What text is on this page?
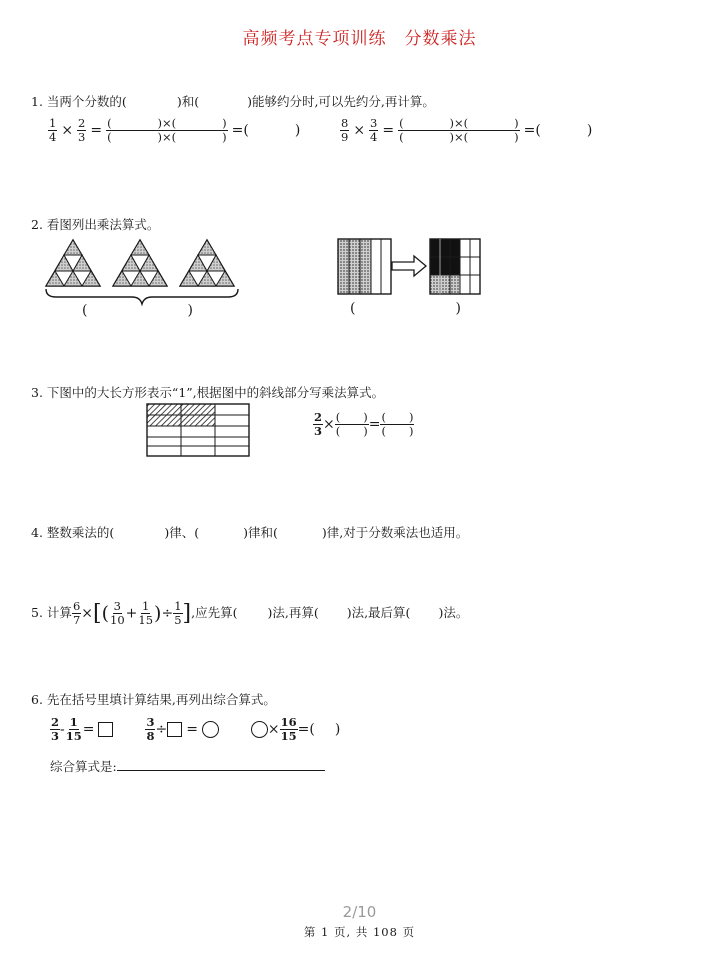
高频考点专项训练　分数乘法
1. 当两个分数的(	)和(	)能够约分时,可以先约分,再计算。
$\frac{1}{4} \times \frac{2}{3} = \frac{( )\times( )}{( )\times( )}$ =(	)	$\frac{8}{9} \times \frac{3}{4} = \frac{( )\times( )}{( )\times( )}$ =(	)
2. 看图列出乘法算式。
(	)	(	)
3. 下图中的大长方形表示“1”,根据图中的斜线部分写乘法算式。
$\frac{2}{3} \times \frac{( )}{( )} = \frac{( )}{( )}$
4. 整数乘法的(	)律、(	)律和(	)律,对于分数乘法也适用。
5. 计算 $\frac{6}{7}$ ×[( $\frac{3}{10} + \frac{1}{15}$ )÷ $\frac{1}{5}$ ],应先算( )法,再算( )法,最后算( )法。
6. 先在括号里填计算结果,再列出综合算式。
$\frac{2}{3} - \frac{1}{15}$ =	$\frac{3}{8}$ ÷ =	× $\frac{16}{15}$ =( )
综合算式是:
2/10
第 1 页, 共 108 页
